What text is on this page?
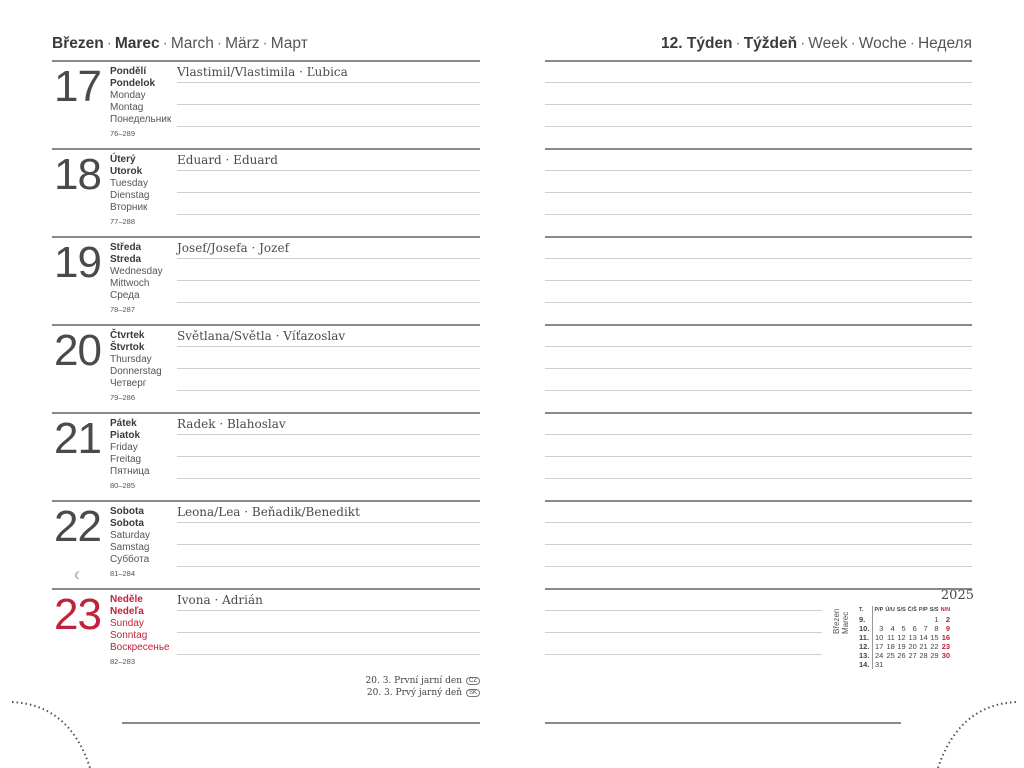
Březen · Marec · March · März · Март	12. Týden · Týždeň · Week · Woche · Неделя
17 Pondělí
Pondelok
Monday
Montag
Понедельник
76–289
Vlastimil/Vlastimila · Ľubica
18 Úterý
Utorok
Tuesday
Dienstag
Вторник
77–288
Eduard · Eduard
19 Středa
Streda
Wednesday
Mittwoch
Среда
78–287
Josef/Josefa · Jozef
20 Čtvrtek
Štvrtok
Thursday
Donnerstag
Четверг
79–286
Světlana/Světla · Víťazoslav
21 Pátek
Piatok
Friday
Freitag
Пятница
80–285
Radek · Blahoslav
22 Sobota
Sobota
Saturday
Samstag
Суббота
81–284
Leona/Lea · Beňadik/Benedikt
☾
23 Neděle
Nedeľa
Sunday
Sonntag
Воскресенье
82–283
Ivona · Adrián
20. 3. První jarní den CZ
20. 3. Prvý jarný deň SK
2025
Březen Marec
T.	P/P	Ú/U	S/S	Č/Š	P/P	S/S	N/N
9.						1	2
10.	3	4	5	6	7	8	9
11.	10	11	12	13	14	15	16
12.	17	18	19	20	21	22	23
13.	24	25	26	27	28	29	30
14.	31						
